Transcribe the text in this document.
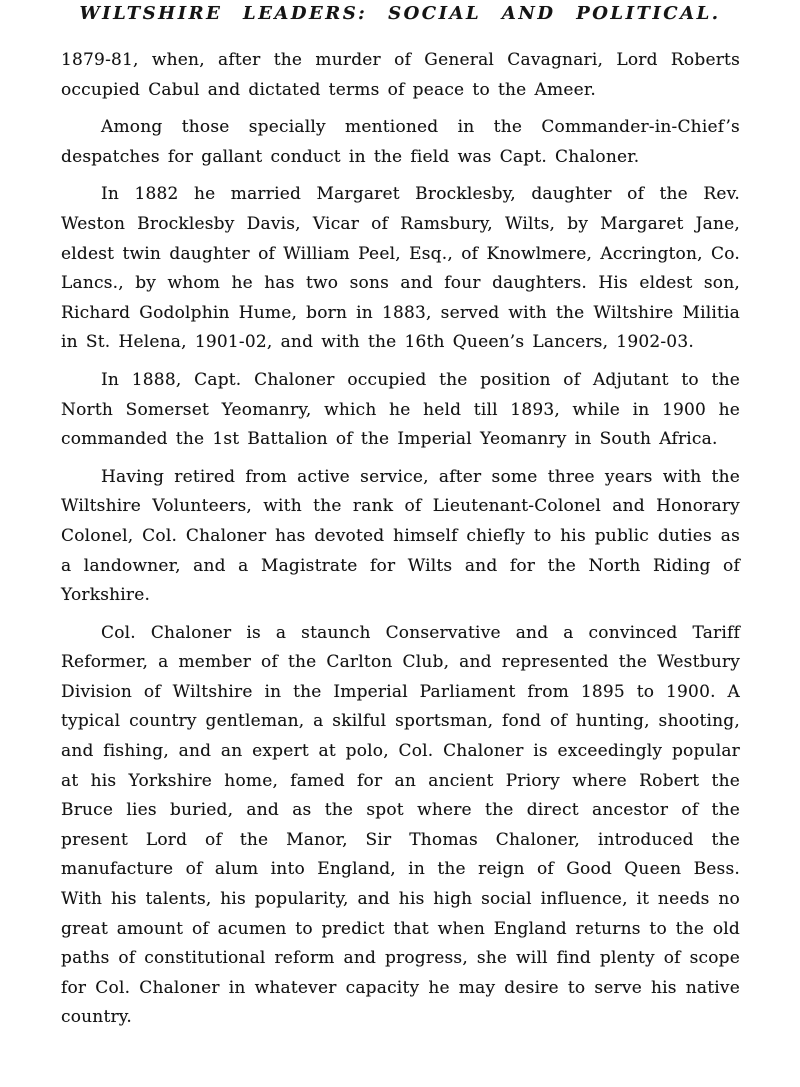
WILTSHIRE LEADERS: SOCIAL AND POLITICAL.

1879-81, when, after the murder of General Cavagnari, Lord Roberts occupied Cabul and dictated terms of peace to the Ameer.

Among those specially mentioned in the Commander-in-Chief’s despatches for gallant conduct in the field was Capt. Chaloner.

In 1882 he married Margaret Brocklesby, daughter of the Rev. Weston Brocklesby Davis, Vicar of Ramsbury, Wilts, by Margaret Jane, eldest twin daughter of William Peel, Esq., of Knowlmere, Accrington, Co. Lancs., by whom he has two sons and four daughters. His eldest son, Richard Godolphin Hume, born in 1883, served with the Wiltshire Militia in St. Helena, 1901-02, and with the 16th Queen’s Lancers, 1902-03.

In 1888, Capt. Chaloner occupied the position of Adjutant to the North Somerset Yeomanry, which he held till 1893, while in 1900 he commanded the 1st Battalion of the Imperial Yeomanry in South Africa.

Having retired from active service, after some three years with the Wiltshire Volunteers, with the rank of Lieutenant-Colonel and Honorary Colonel, Col. Chaloner has devoted himself chiefly to his public duties as a landowner, and a Magistrate for Wilts and for the North Riding of Yorkshire.

Col. Chaloner is a staunch Conservative and a convinced Tariff Reformer, a member of the Carlton Club, and represented the Westbury Division of Wiltshire in the Imperial Parliament from 1895 to 1900. A typical country gentleman, a skilful sportsman, fond of hunting, shooting, and fishing, and an expert at polo, Col. Chaloner is exceedingly popular at his Yorkshire home, famed for an ancient Priory where Robert the Bruce lies buried, and as the spot where the direct ancestor of the present Lord of the Manor, Sir Thomas Chaloner, introduced the manufacture of alum into England, in the reign of Good Queen Bess. With his talents, his popularity, and his high social influence, it needs no great amount of acumen to predict that when England returns to the old paths of constitutional reform and progress, she will find plenty of scope for Col. Chaloner in whatever capacity he may desire to serve his native country.
